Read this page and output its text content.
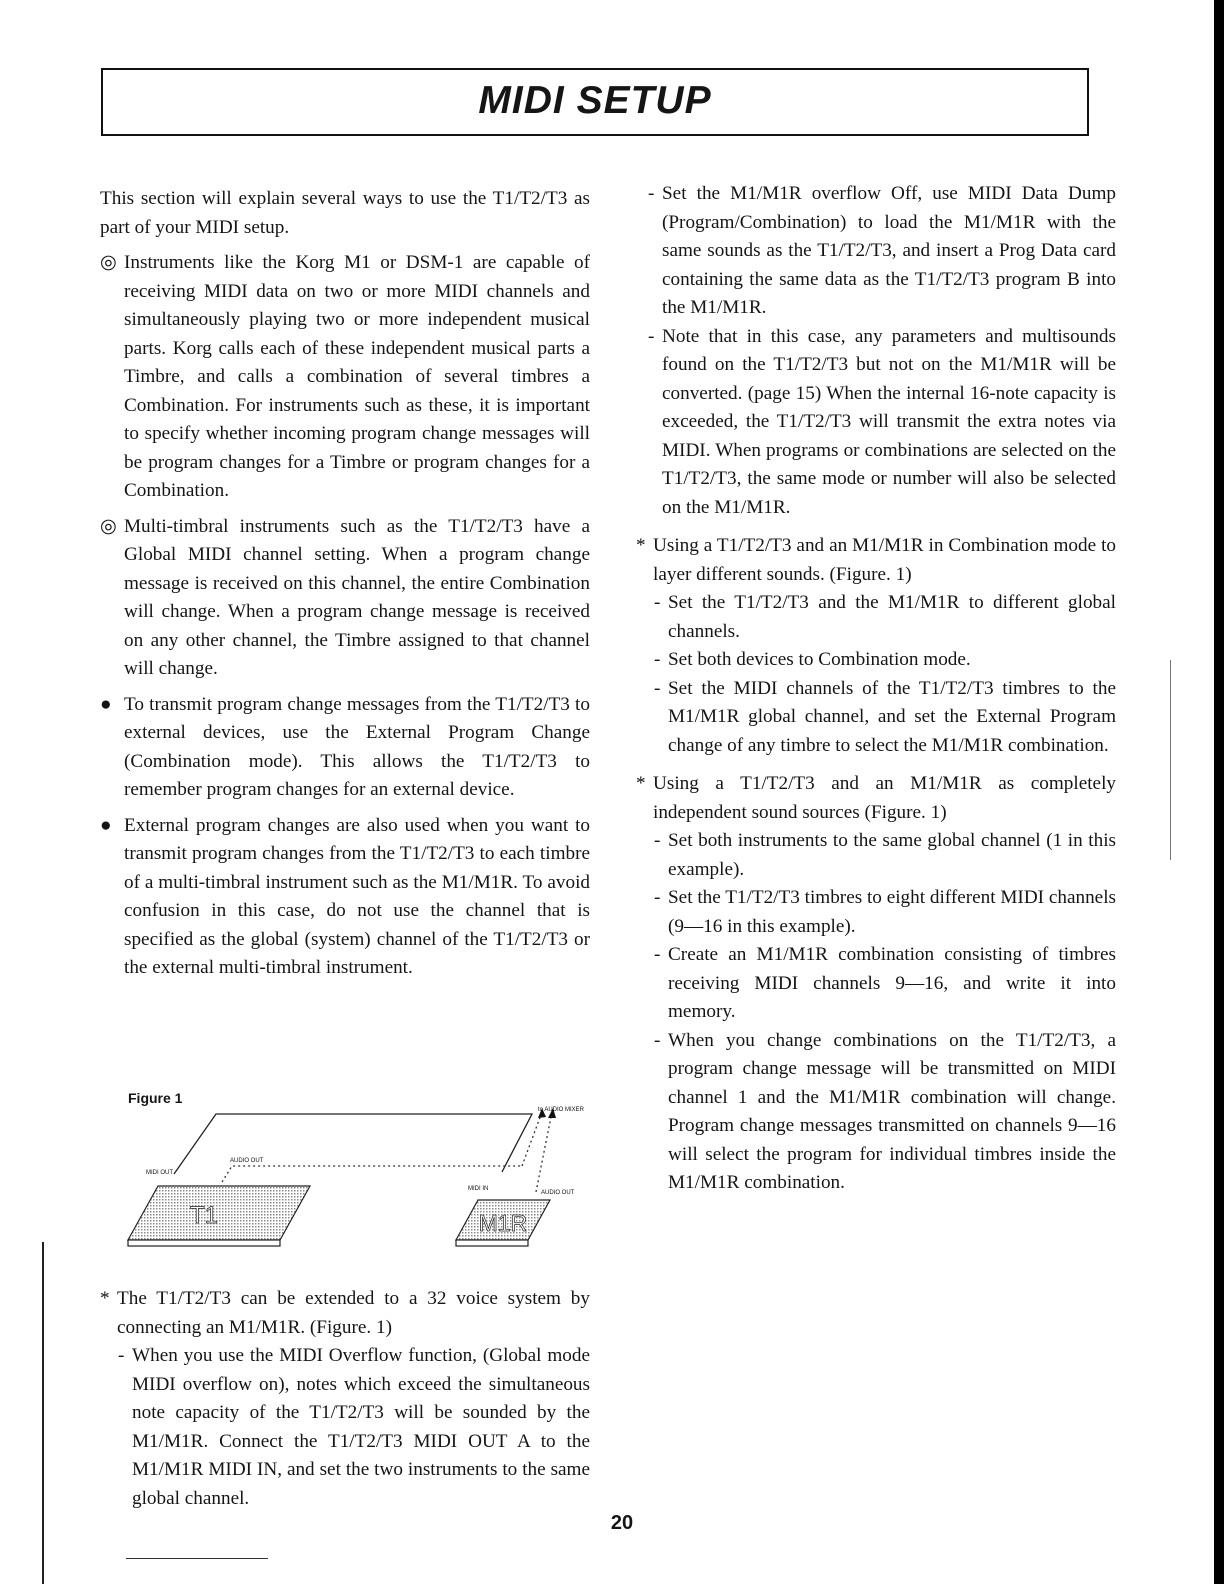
MIDI SETUP

This section will explain several ways to use the T1/T2/T3 as part of your MIDI setup.

◎ Instruments like the Korg M1 or DSM-1 are capable of receiving MIDI data on two or more MIDI channels and simultaneously playing two or more independent musical parts. Korg calls each of these independent musical parts a Timbre, and calls a combination of several timbres a Combination. For instruments such as these, it is important to specify whether incoming program change messages will be program changes for a Timbre or program changes for a Combination.
◎ Multi-timbral instruments such as the T1/T2/T3 have a Global MIDI channel setting. When a program change message is received on this channel, the entire Combination will change. When a program change message is received on any other channel, the Timbre assigned to that channel will change.
● To transmit program change messages from the T1/T2/T3 to external devices, use the External Program Change (Combination mode). This allows the T1/T2/T3 to remember program changes for an external device.
● External program changes are also used when you want to transmit program changes from the T1/T2/T3 to each timbre of a multi-timbral instrument such as the M1/M1R. To avoid confusion in this case, do not use the channel that is specified as the global (system) channel of the T1/T2/T3 or the external multi-timbral instrument.
Figure 1
T1	M1R
to AUDIO MIXER
AUDIO OUT
MIDI OUT
MIDI IN
AUDIO OUT
* The T1/T2/T3 can be extended to a 32 voice system by connecting an M1/M1R. (Figure. 1)
- When you use the MIDI Overflow function, (Global mode MIDI overflow on), notes which exceed the simultaneous note capacity of the T1/T2/T3 will be sounded by the M1/M1R. Connect the T1/T2/T3 MIDI OUT A to the M1/M1R MIDI IN, and set the two instruments to the same global channel.
- Set the M1/M1R overflow Off, use MIDI Data Dump (Program/Combination) to load the M1/M1R with the same sounds as the T1/T2/T3, and insert a Prog Data card containing the same data as the T1/T2/T3 program B into the M1/M1R.
- Note that in this case, any parameters and multisounds found on the T1/T2/T3 but not on the M1/M1R will be converted. (page 15) When the internal 16-note capacity is exceeded, the T1/T2/T3 will transmit the extra notes via MIDI. When programs or combinations are selected on the T1/T2/T3, the same mode or number will also be selected on the M1/M1R.
* Using a T1/T2/T3 and an M1/M1R in Combination mode to layer different sounds. (Figure. 1)
- Set the T1/T2/T3 and the M1/M1R to different global channels.
- Set both devices to Combination mode.
- Set the MIDI channels of the T1/T2/T3 timbres to the M1/M1R global channel, and set the External Program change of any timbre to select the M1/M1R combination.
* Using a T1/T2/T3 and an M1/M1R as completely independent sound sources (Figure. 1)
- Set both instruments to the same global channel (1 in this example).
- Set the T1/T2/T3 timbres to eight different MIDI channels (9—16 in this example).
- Create an M1/M1R combination consisting of timbres receiving MIDI channels 9—16, and write it into memory.
- When you change combinations on the T1/T2/T3, a program change message will be transmitted on MIDI channel 1 and the M1/M1R combination will change. Program change messages transmitted on channels 9—16 will select the program for individual timbres inside the M1/M1R combination.
20
